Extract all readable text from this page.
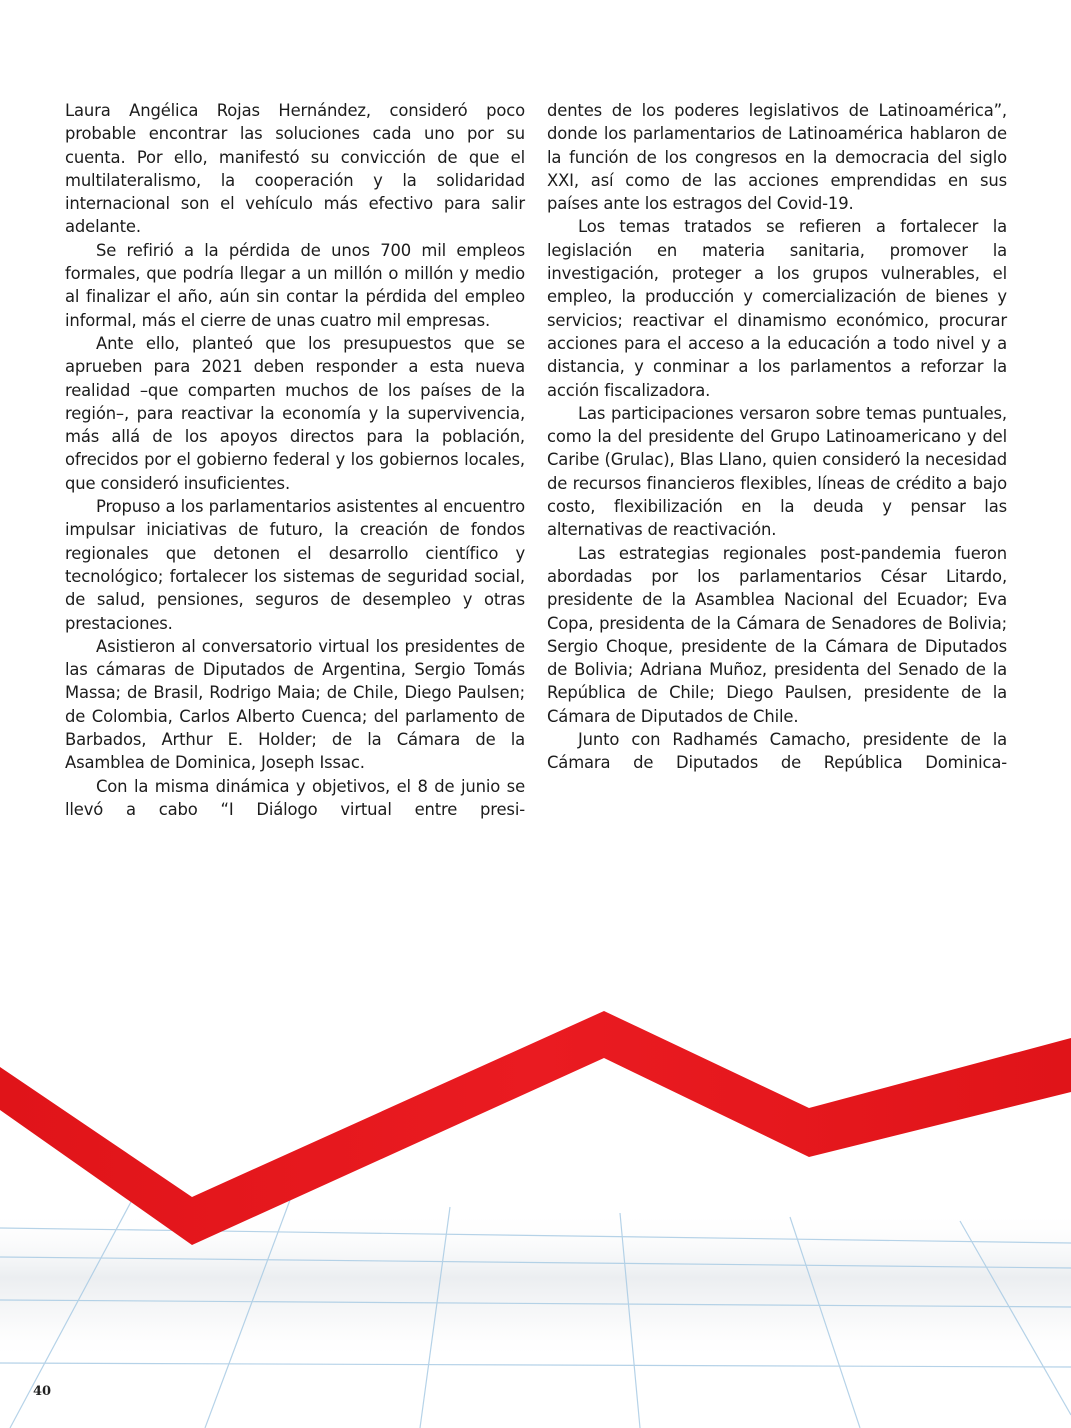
Laura Angélica Rojas Hernández, consideró poco probable encontrar las soluciones cada uno por su cuenta. Por ello, manifestó su convicción de que el multilateralismo, la cooperación y la solidaridad internacional son el vehículo más efectivo para salir adelante.

Se refirió a la pérdida de unos 700 mil empleos formales, que podría llegar a un millón o millón y medio al finalizar el año, aún sin contar la pérdida del empleo informal, más el cierre de unas cuatro mil empresas.

Ante ello, planteó que los presupuestos que se aprueben para 2021 deben responder a esta nueva realidad –que comparten muchos de los países de la región–, para reactivar la economía y la supervivencia, más allá de los apoyos directos para la población, ofrecidos por el gobierno federal y los gobiernos locales, que consideró insuficientes.

Propuso a los parlamentarios asistentes al encuentro impulsar iniciativas de futuro, la creación de fondos regionales que detonen el desarrollo científico y tecnológico; fortalecer los sistemas de seguridad social, de salud, pensiones, seguros de desempleo y otras prestaciones.

Asistieron al conversatorio virtual los presidentes de las cámaras de Diputados de Argentina, Sergio Tomás Massa; de Brasil, Rodrigo Maia; de Chile, Diego Paulsen; de Colombia, Carlos Alberto Cuenca; del parlamento de Barbados, Arthur E. Holder; de la Cámara de la Asamblea de Dominica, Joseph Issac.

Con la misma dinámica y objetivos, el 8 de junio se llevó a cabo “I Diálogo virtual entre presi-

dentes de los poderes legislativos de Latinoamérica”, donde los parlamentarios de Latinoamérica hablaron de la función de los congresos en la democracia del siglo XXI, así como de las acciones emprendidas en sus países ante los estragos del Covid-19.

Los temas tratados se refieren a fortalecer la legislación en materia sanitaria, promover la investigación, proteger a los grupos vulnerables, el empleo, la producción y comercialización de bienes y servicios; reactivar el dinamismo económico, procurar acciones para el acceso a la educación a todo nivel y a distancia, y conminar a los parlamentos a reforzar la acción fiscalizadora.

Las participaciones versaron sobre temas puntuales, como la del presidente del Grupo Latinoamericano y del Caribe (Grulac), Blas Llano, quien consideró la necesidad de recursos financieros flexibles, líneas de crédito a bajo costo, flexibilización en la deuda y pensar las alternativas de reactivación.

Las estrategias regionales post-pandemia fueron abordadas por los parlamentarios César Litardo, presidente de la Asamblea Nacional del Ecuador; Eva Copa, presidenta de la Cámara de Senadores de Bolivia; Sergio Choque, presidente de la Cámara de Diputados de Bolivia; Adriana Muñoz, presidenta del Senado de la República de Chile; Diego Paulsen, presidente de la Cámara de Diputados de Chile.

Junto con Radhamés Camacho, presidente de la Cámara de Diputados de República Dominica-

40
